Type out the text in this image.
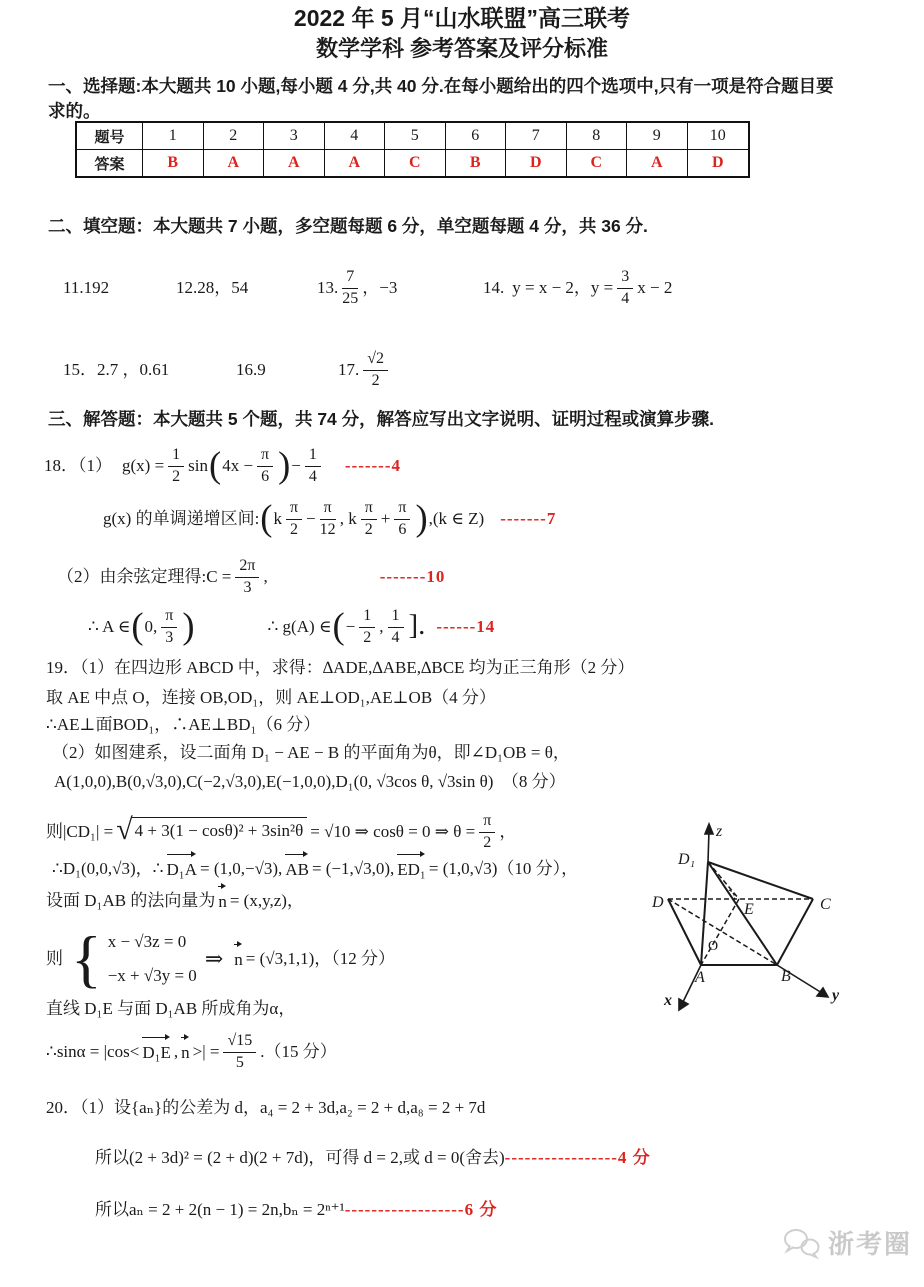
2022 年 5 月“山水联盟”高三联考
数学学科 参考答案及评分标准
一、选择题:本大题共 10 小题,每小题 4 分,共 40 分.在每小题给出的四个选项中,只有一项是符合题目要
求的。
题号	1	2	3	4	5	6	7	8	9	10
答案	B	A	A	A	C	B	D	C	A	D
二、填空题：本大题共 7 小题，多空题每题 6 分，单空题每题 4 分，共 36 分.
11.192	12.28，54	13. $\frac{7}{25}$ ，−3	14. y = x − 2，$y = \frac{3}{4}$ x − 2
15．2.7 ，0.61	16.9	17. $\frac{√2}{2}$
三、解答题：本大题共 5 个题，共 74 分，解答应写出文字说明、证明过程或演算步骤.
18．（1） $g(x) = \frac{1}{2}$ sin ( $4x - \frac{\pi}{6}$ ) − $\frac{1}{4} -------4$
g(x) 的单调递增区间: ( k $\frac{\pi}{2} - \frac{\pi}{12}$ , k $\frac{\pi}{2} + \frac{\pi}{6}$ ) ,(k ∈ Z) -------7
（2）由余弦定理得:C = $\frac{2\pi}{3}$ ,	-------10
∴ A ∈ ( 0, $\frac{\pi}{3}$ )	∴ g(A) ∈ ( − $\frac{1}{2}$ , $\frac{1}{4}$ ]. ------14
19．（1）在四边形 ABCD 中，求得：∆ADE,∆ABE,∆BCE 均为正三角形（2 分）
取 AE 中点 O，连接 OB,OD₁，则 AE⊥OD₁,AE⊥OB（4 分）
∴AE⊥面BOD₁，∴AE⊥BD₁（6 分）
（2）如图建系，设二面角 D₁ − AE − B 的平面角为θ，即∠D₁OB = θ，
A(1,0,0),B(0,√3,0),C(−2,√3,0),E(−1,0,0),D₁(0, √3cos θ, √3sin θ)　（8 分）
则|CD₁| = √ 4 + 3(1 − cosθ)² + 3sin²θ = √10 ⇒ cosθ = 0 ⇒ $\theta = \frac{\pi}{2}$ ，
∴D₁(0,0,√3)，∴ D₁A = (1,0,−√3), AB = (−1,√3,0), ED₁ = (1,0,√3)（10 分），
设面 D₁AB 的法向量为 n = (x,y,z)，
则 { x − √3z = 0
−x + √3y = 0
⇒ n = (√3,1,1)，（12 分）
直线 D₁E 与面 D₁AB 所成角为α，
∴sinα = |cos< D₁E , n >| = $\frac{√15}{5} .(15$ 分）
20．（1）设{aₙ}的公差为 d，a₄ = 2 + 3d,a₂ = 2 + d,a₈ = 2 + 7d
所以(2 + 3d)² = (2 + d)(2 + 7d)，可得 d = 2,或 d = 0(舍去) -----------------4 分
所以aₙ = 2 + 2(n − 1) = 2n,bₙ = 2ⁿ⁺¹ ------------------6 分
z
D₁
D	E	C
O
A	B
x	y
浙考圈
